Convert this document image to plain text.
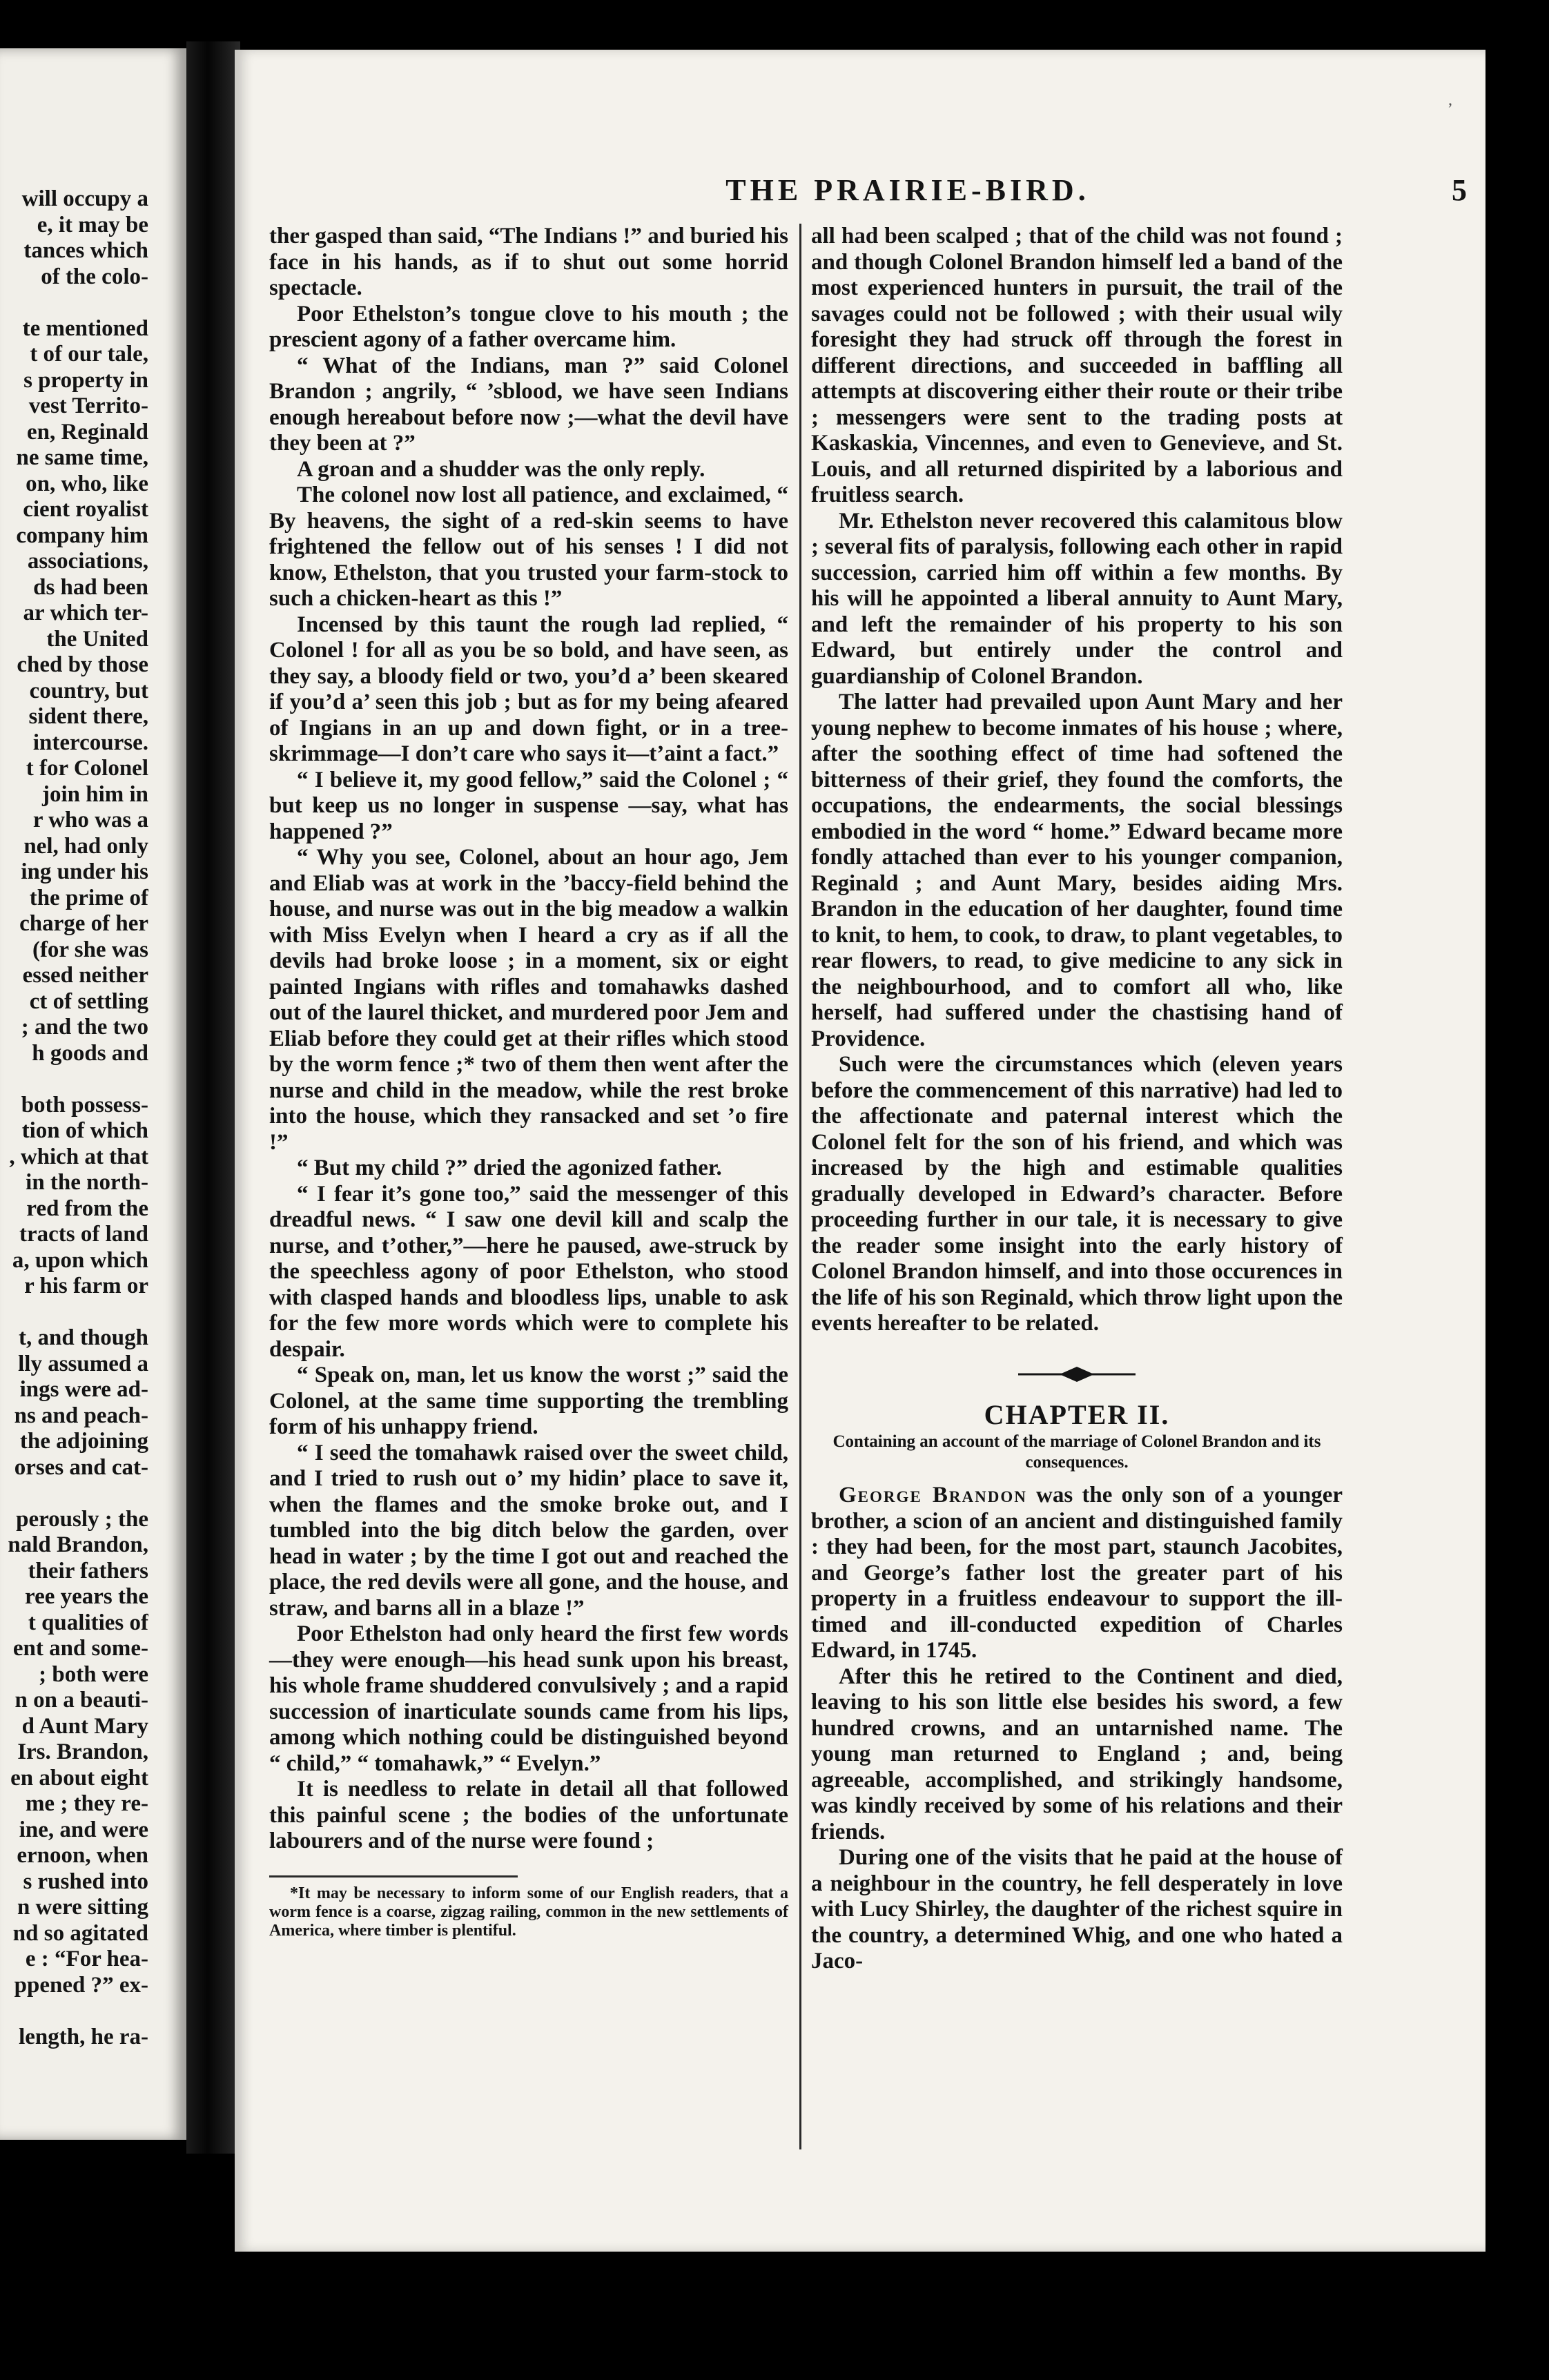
will occupy a
e, it may be
tances which
of the colo-
te mentioned
t of our tale,
s property in
vest Territo-
en, Reginald
ne same time,
on, who, like
cient royalist
company him
associations,
ds had been
ar which ter-
the United
ched by those
country, but
sident there,
intercourse.
t for Colonel
join him in
r who was a
nel, had only
ing under his
the prime of
charge of her
(for she was
essed neither
ct of settling
; and the two
h goods and
both possess-
tion of which
, which at that
in the north-
red from the
tracts of land
a, upon which
r his farm or
t, and though
lly assumed a
ings were ad-
ns and peach-
the adjoining
orses and cat-
perously ; the
nald Brandon,
their fathers
ree years the
t qualities of
ent and some-
; both were
n on a beauti-
d Aunt Mary
Irs. Brandon,
en about eight
me ; they re-
ine, and were
ernoon, when
s rushed into
n were sitting
nd so agitated
e : “For hea-
ppened ?” ex-
length, he ra-
,
THE PRAIRIE-BIRD.	5

ther gasped than said, “The Indians !” and buried his face in his hands, as if to shut out some horrid spectacle.

Poor Ethelston’s tongue clove to his mouth ; the prescient agony of a father overcame him.

“ What of the Indians, man ?” said Colonel Brandon ; angrily, “ ’sblood, we have seen Indians enough hereabout before now ;—what the devil have they been at ?”

A groan and a shudder was the only reply.

The colonel now lost all patience, and exclaimed, “ By heavens, the sight of a red-skin seems to have frightened the fellow out of his senses ! I did not know, Ethelston, that you trusted your farm-stock to such a chicken-heart as this !”

Incensed by this taunt the rough lad replied, “ Colonel ! for all as you be so bold, and have seen, as they say, a bloody field or two, you’d a’ been skeared if you’d a’ seen this job ; but as for my being afeared of Ingians in an up and down fight, or in a tree-skrimmage—I don’t care who says it—t’aint a fact.”

“ I believe it, my good fellow,” said the Colonel ; “ but keep us no longer in suspense —say, what has happened ?”

“ Why you see, Colonel, about an hour ago, Jem and Eliab was at work in the ’baccy-field behind the house, and nurse was out in the big meadow a walkin with Miss Evelyn when I heard a cry as if all the devils had broke loose ; in a moment, six or eight painted Ingians with rifles and tomahawks dashed out of the laurel thicket, and murdered poor Jem and Eliab before they could get at their rifles which stood by the worm fence ;* two of them then went after the nurse and child in the meadow, while the rest broke into the house, which they ransacked and set ’o fire !”

“ But my child ?” dried the agonized father.

“ I fear it’s gone too,” said the messenger of this dreadful news. “ I saw one devil kill and scalp the nurse, and t’other,”—here he paused, awe-struck by the speechless agony of poor Ethelston, who stood with clasped hands and bloodless lips, unable to ask for the few more words which were to complete his despair.

“ Speak on, man, let us know the worst ;” said the Colonel, at the same time supporting the trembling form of his unhappy friend.

“ I seed the tomahawk raised over the sweet child, and I tried to rush out o’ my hidin’ place to save it, when the flames and the smoke broke out, and I tumbled into the big ditch below the garden, over head in water ; by the time I got out and reached the place, the red devils were all gone, and the house, and straw, and barns all in a blaze !”

Poor Ethelston had only heard the first few words—they were enough—his head sunk upon his breast, his whole frame shuddered convulsively ; and a rapid succession of inarticulate sounds came from his lips, among which nothing could be distinguished beyond “ child,” “ tomahawk,” “ Evelyn.”

It is needless to relate in detail all that followed this painful scene ; the bodies of the unfortunate labourers and of the nurse were found ;

*It may be necessary to inform some of our English readers, that a worm fence is a coarse, zigzag railing, common in the new settlements of America, where timber is plentiful.

all had been scalped ; that of the child was not found ; and though Colonel Brandon himself led a band of the most experienced hunters in pursuit, the trail of the savages could not be followed ; with their usual wily foresight they had struck off through the forest in different directions, and succeeded in baffling all attempts at discovering either their route or their tribe ; messengers were sent to the trading posts at Kaskaskia, Vincennes, and even to Genevieve, and St. Louis, and all returned dispirited by a laborious and fruitless search.

Mr. Ethelston never recovered this calamitous blow ; several fits of paralysis, following each other in rapid succession, carried him off within a few months. By his will he appointed a liberal annuity to Aunt Mary, and left the remainder of his property to his son Edward, but entirely under the control and guardianship of Colonel Brandon.

The latter had prevailed upon Aunt Mary and her young nephew to become inmates of his house ; where, after the soothing effect of time had softened the bitterness of their grief, they found the comforts, the occupations, the endearments, the social blessings embodied in the word “ home.” Edward became more fondly attached than ever to his younger companion, Reginald ; and Aunt Mary, besides aiding Mrs. Brandon in the education of her daughter, found time to knit, to hem, to cook, to draw, to plant vegetables, to rear flowers, to read, to give medicine to any sick in the neighbourhood, and to comfort all who, like herself, had suffered under the chastising hand of Providence.

Such were the circumstances which (eleven years before the commencement of this narrative) had led to the affectionate and paternal interest which the Colonel felt for the son of his friend, and which was increased by the high and estimable qualities gradually developed in Edward’s character. Before proceeding further in our tale, it is necessary to give the reader some insight into the early history of Colonel Brandon himself, and into those occurences in the life of his son Reginald, which throw light upon the events hereafter to be related.

CHAPTER II.
Containing an account of the marriage of Colonel Brandon and its consequences.

George Brandon was the only son of a younger brother, a scion of an ancient and distinguished family : they had been, for the most part, staunch Jacobites, and George’s father lost the greater part of his property in a fruitless endeavour to support the ill-timed and ill-conducted expedition of Charles Edward, in 1745.

After this he retired to the Continent and died, leaving to his son little else besides his sword, a few hundred crowns, and an untarnished name. The young man returned to England ; and, being agreeable, accomplished, and strikingly handsome, was kindly received by some of his relations and their friends.

During one of the visits that he paid at the house of a neighbour in the country, he fell desperately in love with Lucy Shirley, the daughter of the richest squire in the country, a determined Whig, and one who hated a Jaco-
